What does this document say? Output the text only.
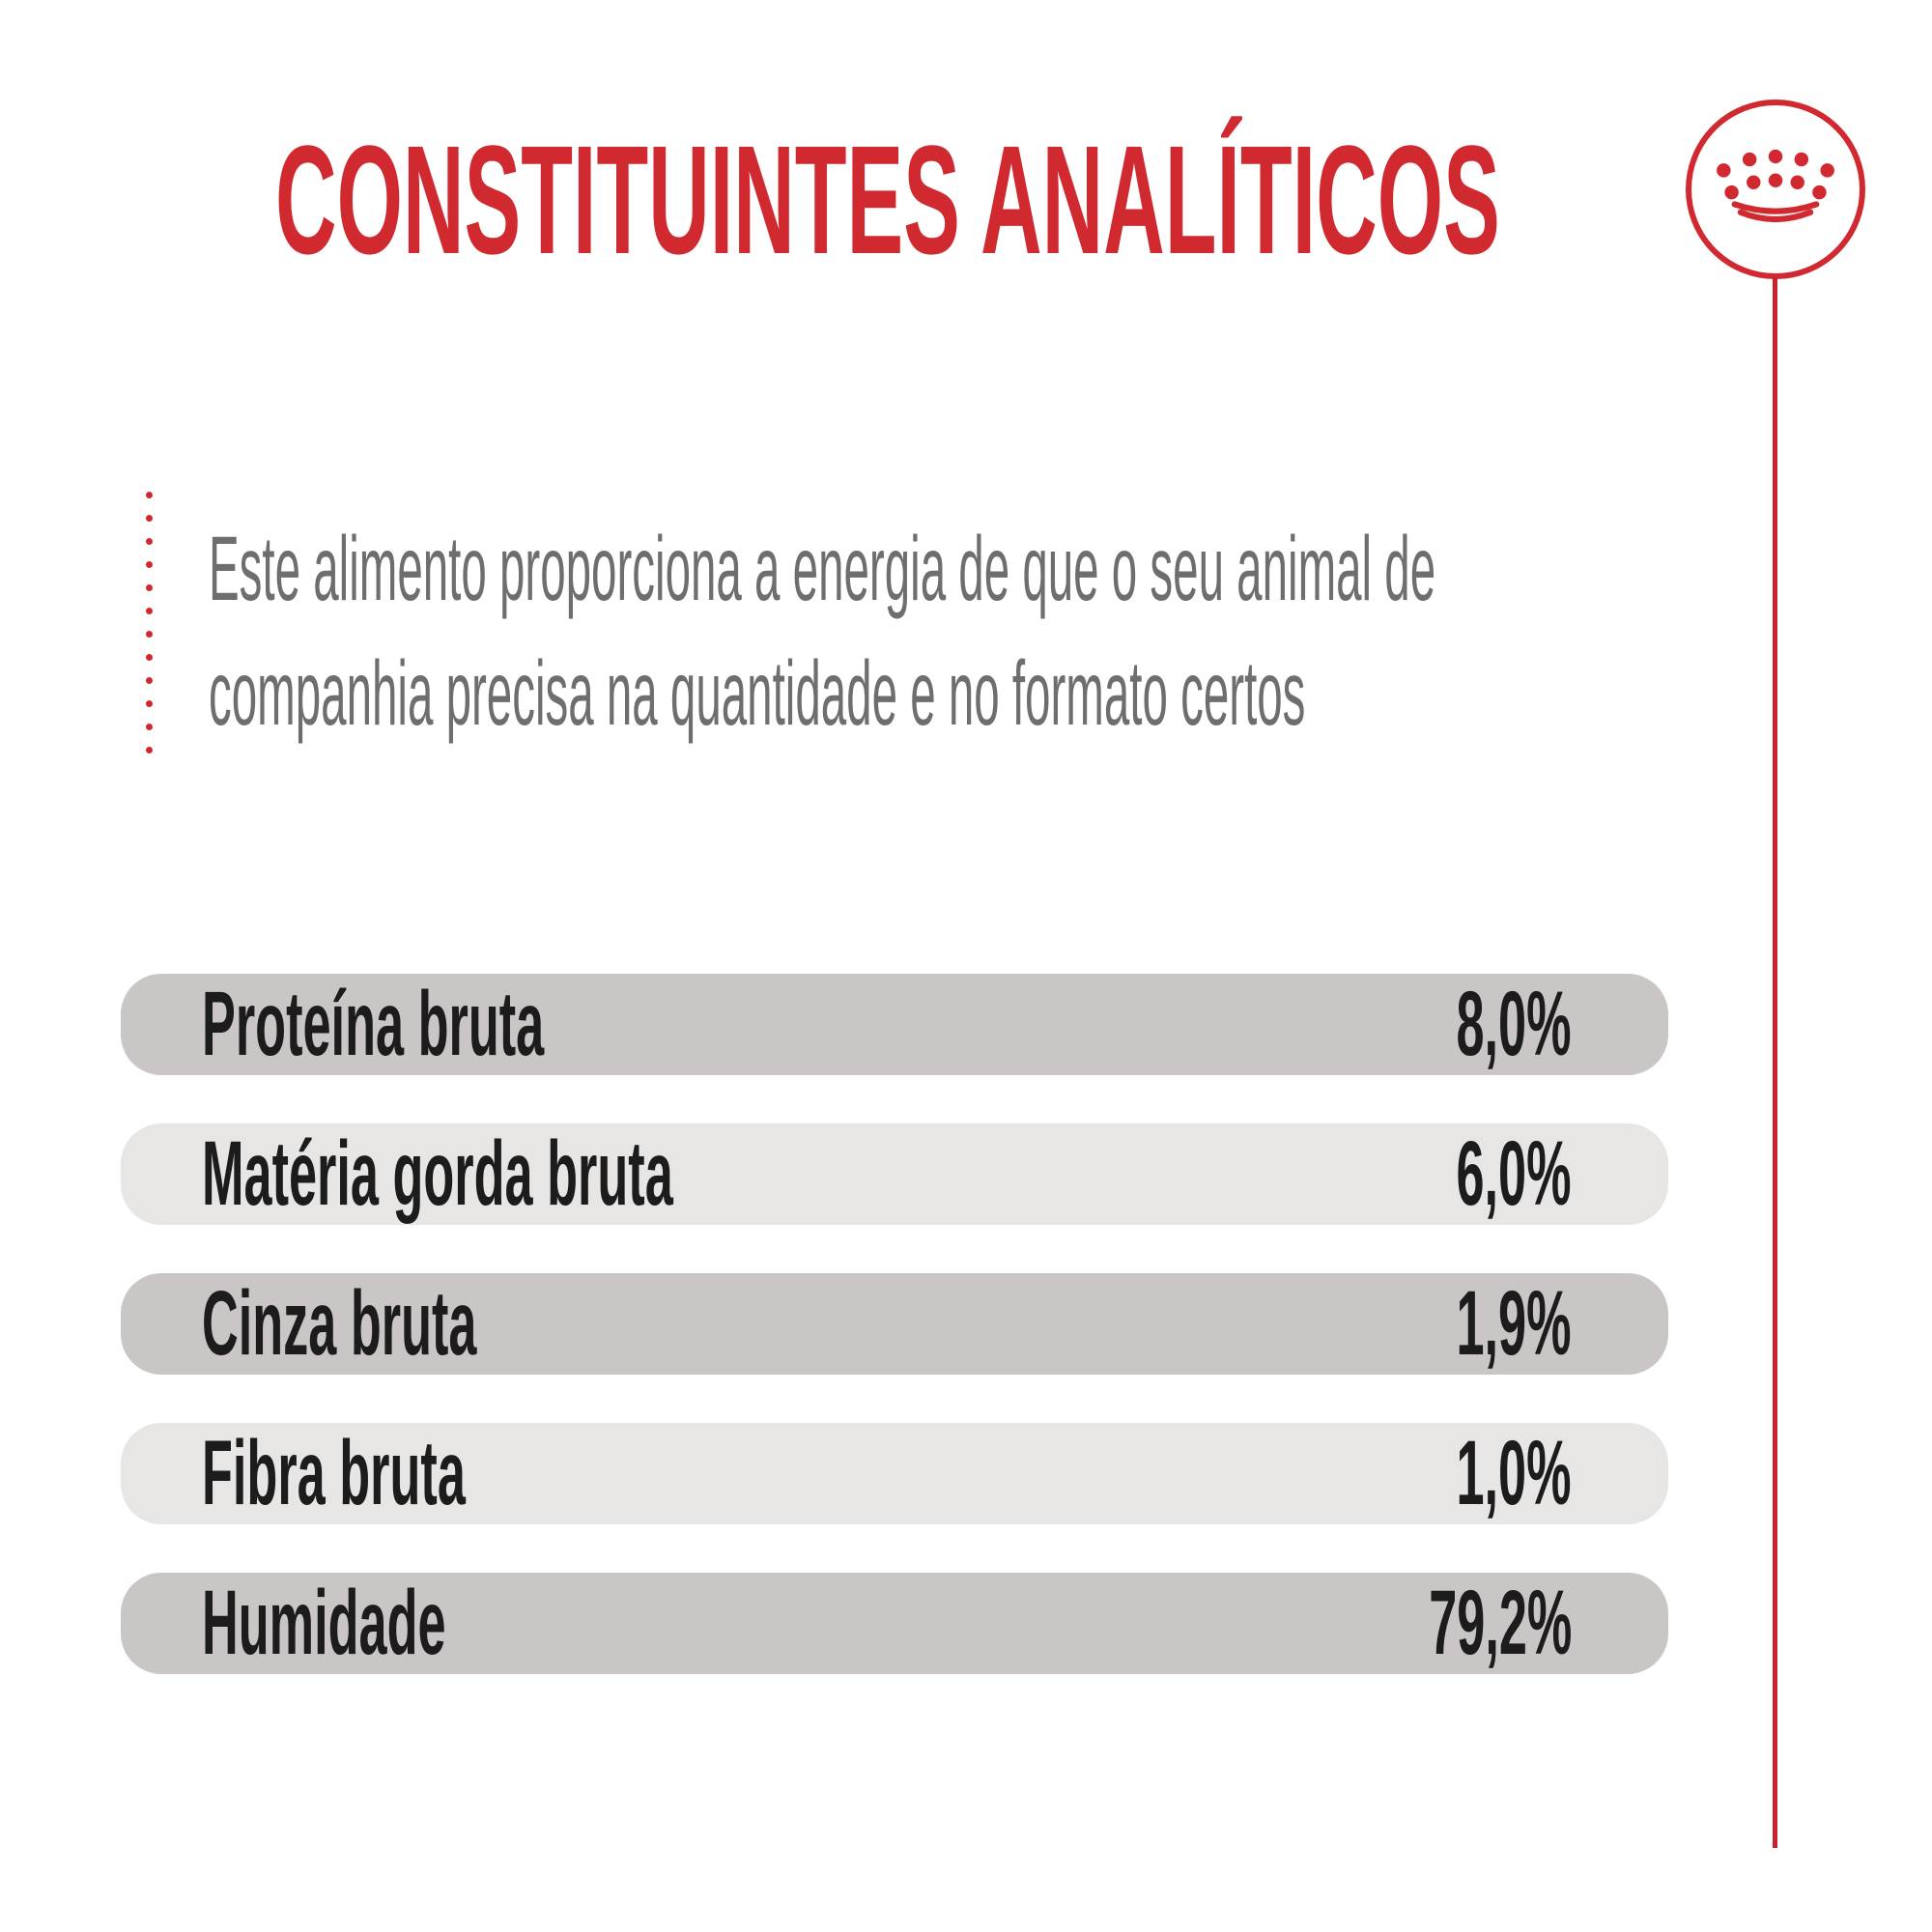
CONSTITUINTES ANALÍTICOS
Este alimento proporciona a energia de que o seu animal de
companhia precisa na quantidade e no formato certos
Proteína bruta	8,0%
Matéria gorda bruta	6,0%
Cinza bruta	1,9%
Fibra bruta	1,0%
Humidade	79,2%
